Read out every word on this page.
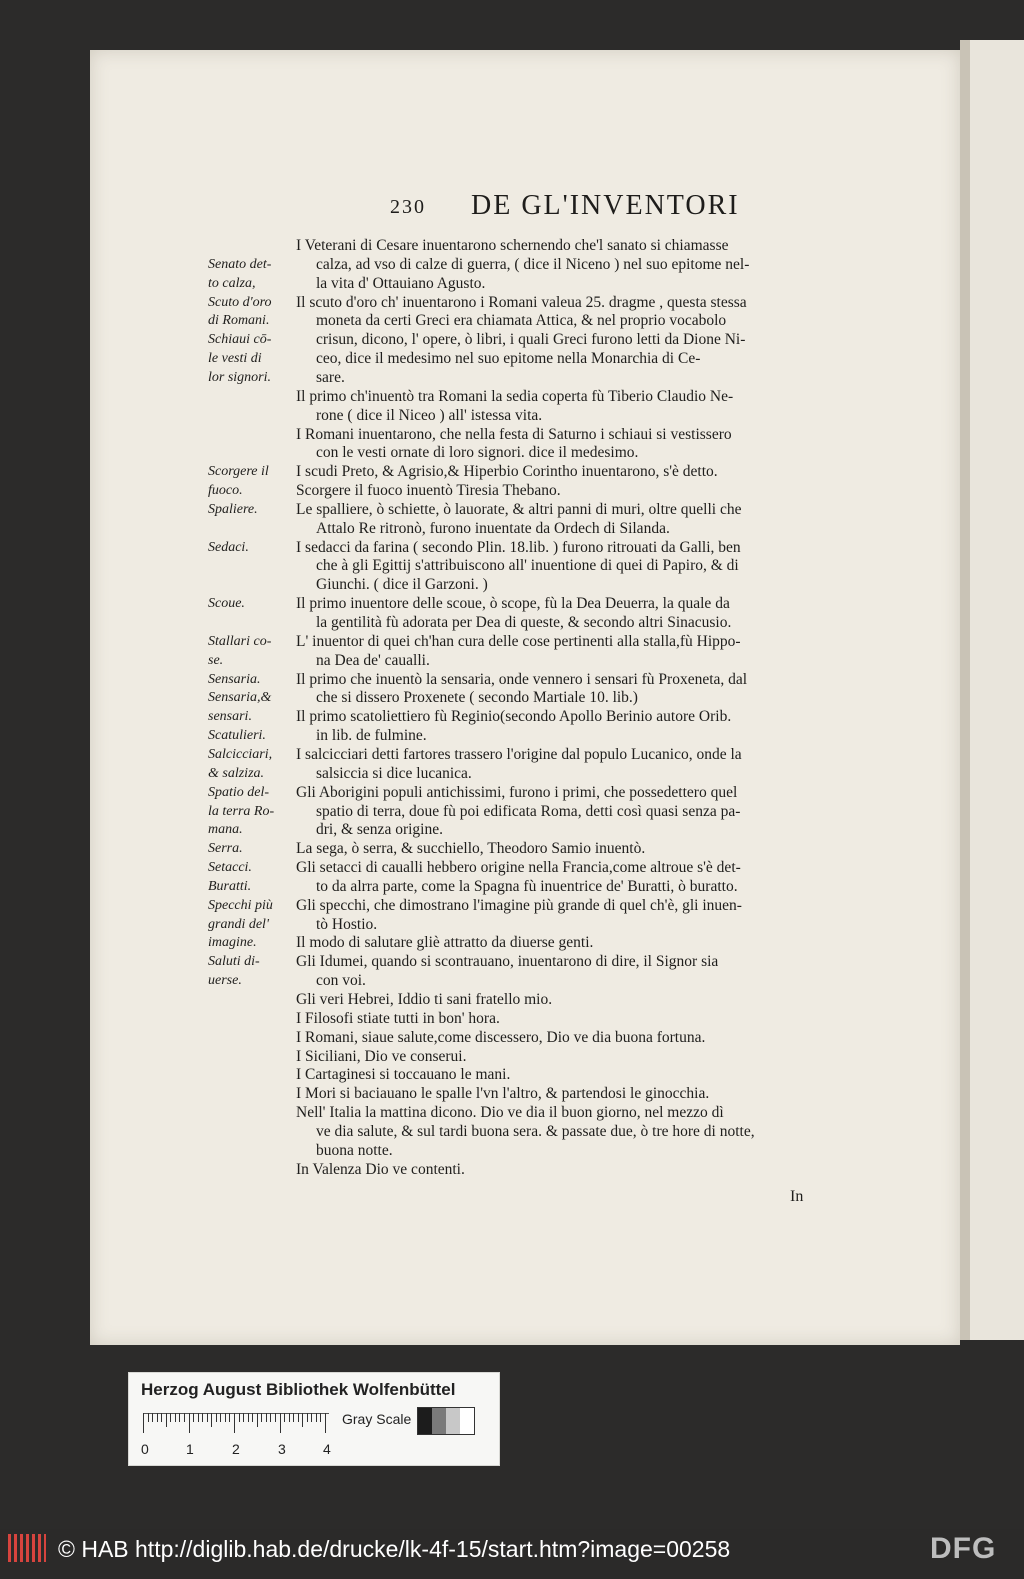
230 DE GL'INVENTORI
I Veterani di Cesare inuentarono schernendo che'l sanato si chiamasse
Senato det-	calza, ad vso di calze di guerra, ( dice il Niceno ) nel suo epitome nel-
to calza,	la vita d' Ottauiano Agusto.
Scuto d'oro Il scuto d'oro ch' inuentarono i Romani valeua 25. dragme , questa stessa
di Romani.	moneta da certi Greci era chiamata Attica, & nel proprio vocabolo
Schiaui cō-	crisun, dicono, l' opere, ò libri, i quali Greci furono letti da Dione Ni-
le vesti di	ceo, dice il medesimo nel suo epitome nella Monarchia di Ce-
lor signori.	sare.
Il primo ch'inuentò tra Romani la sedia coperta fù Tiberio Claudio Ne-
rone ( dice il Niceo ) all' istessa vita.
I Romani inuentarono, che nella festa di Saturno i schiaui si vestissero
con le vesti ornate di loro signori. dice il medesimo.
Scorgere il I scudi Preto, & Agrisio,& Hiperbio Corintho inuentarono, s'è detto.
fuoco.	Scorgere il fuoco inuentò Tiresia Thebano.
Spaliere. Le spalliere, ò schiette, ò lauorate, & altri panni di muri, oltre quelli che
Attalo Re ritronò, furono inuentate da Ordech di Silanda.
Sedaci.	I sedacci da farina ( secondo Plin. 18.lib. ) furono ritrouati da Galli, ben
che à gli Egittij s'attribuiscono all' inuentione di quei di Papiro, & di
Giunchi. ( dice il Garzoni. )
Scoue.	Il primo inuentore delle scoue, ò scope, fù la Dea Deuerra, la quale da
la gentilità fù adorata per Dea di queste, & secondo altri Sinacusio.
Stallari co- L' inuentor di quei ch'han cura delle cose pertinenti alla stalla,fù Hippo-
se.	na Dea de' caualli.
Sensaria. Il primo che inuentò la sensaria, onde vennero i sensari fù Proxeneta, dal
Sensaria,&	che si dissero Proxenete ( secondo Martiale 10. lib.)
sensari.	Il primo scatoliettiero fù Reginio(secondo Apollo Berinio autore Orib.
Scatulieri.	in lib. de fulmine.
Salcicciari, I salcicciari detti fartores trassero l'origine dal populo Lucanico, onde la
& salziza.	salsiccia si dice lucanica.
Spatio del- Gli Aborigini populi antichissimi, furono i primi, che possedettero quel
la terra Ro-	spatio di terra, doue fù poi edificata Roma, detti così quasi senza pa-
mana.	dri, & senza origine.
Serra.	La sega, ò serra, & succhiello, Theodoro Samio inuentò.
Setacci.	Gli setacci di caualli hebbero origine nella Francia,come altroue s'è det-
Buratti.	to da alrra parte, come la Spagna fù inuentrice de' Buratti, ò buratto.
Specchi più Gli specchi, che dimostrano l'imagine più grande di quel ch'è, gli inuen-
grandi del'	tò Hostio.
imagine.	Il modo di salutare gliè attratto da diuerse genti.
Saluti di- Gli Idumei, quando si scontrauano, inuentarono di dire, il Signor sia
uerse.	con voi.
Gli veri Hebrei, Iddio ti sani fratello mio.
I Filosofi stiate tutti in bon' hora.
I Romani, siaue salute,come discessero, Dio ve dia buona fortuna.
I Siciliani, Dio ve conserui.
I Cartaginesi si toccauano le mani.
I Mori si baciauano le spalle l'vn l'altro, & partendosi le ginocchia.
Nell' Italia la mattina dicono. Dio ve dia il buon giorno, nel mezzo dì
ve dia salute, & sul tardi buona sera. & passate due, ò tre hore di notte,
buona notte.
In Valenza Dio ve contenti.
In
Herzog August Bibliothek Wolfenbüttel
0	1	2	3	4
Gray Scale
© HAB http://diglib.hab.de/drucke/lk-4f-15/start.htm?image=00258	DFG
